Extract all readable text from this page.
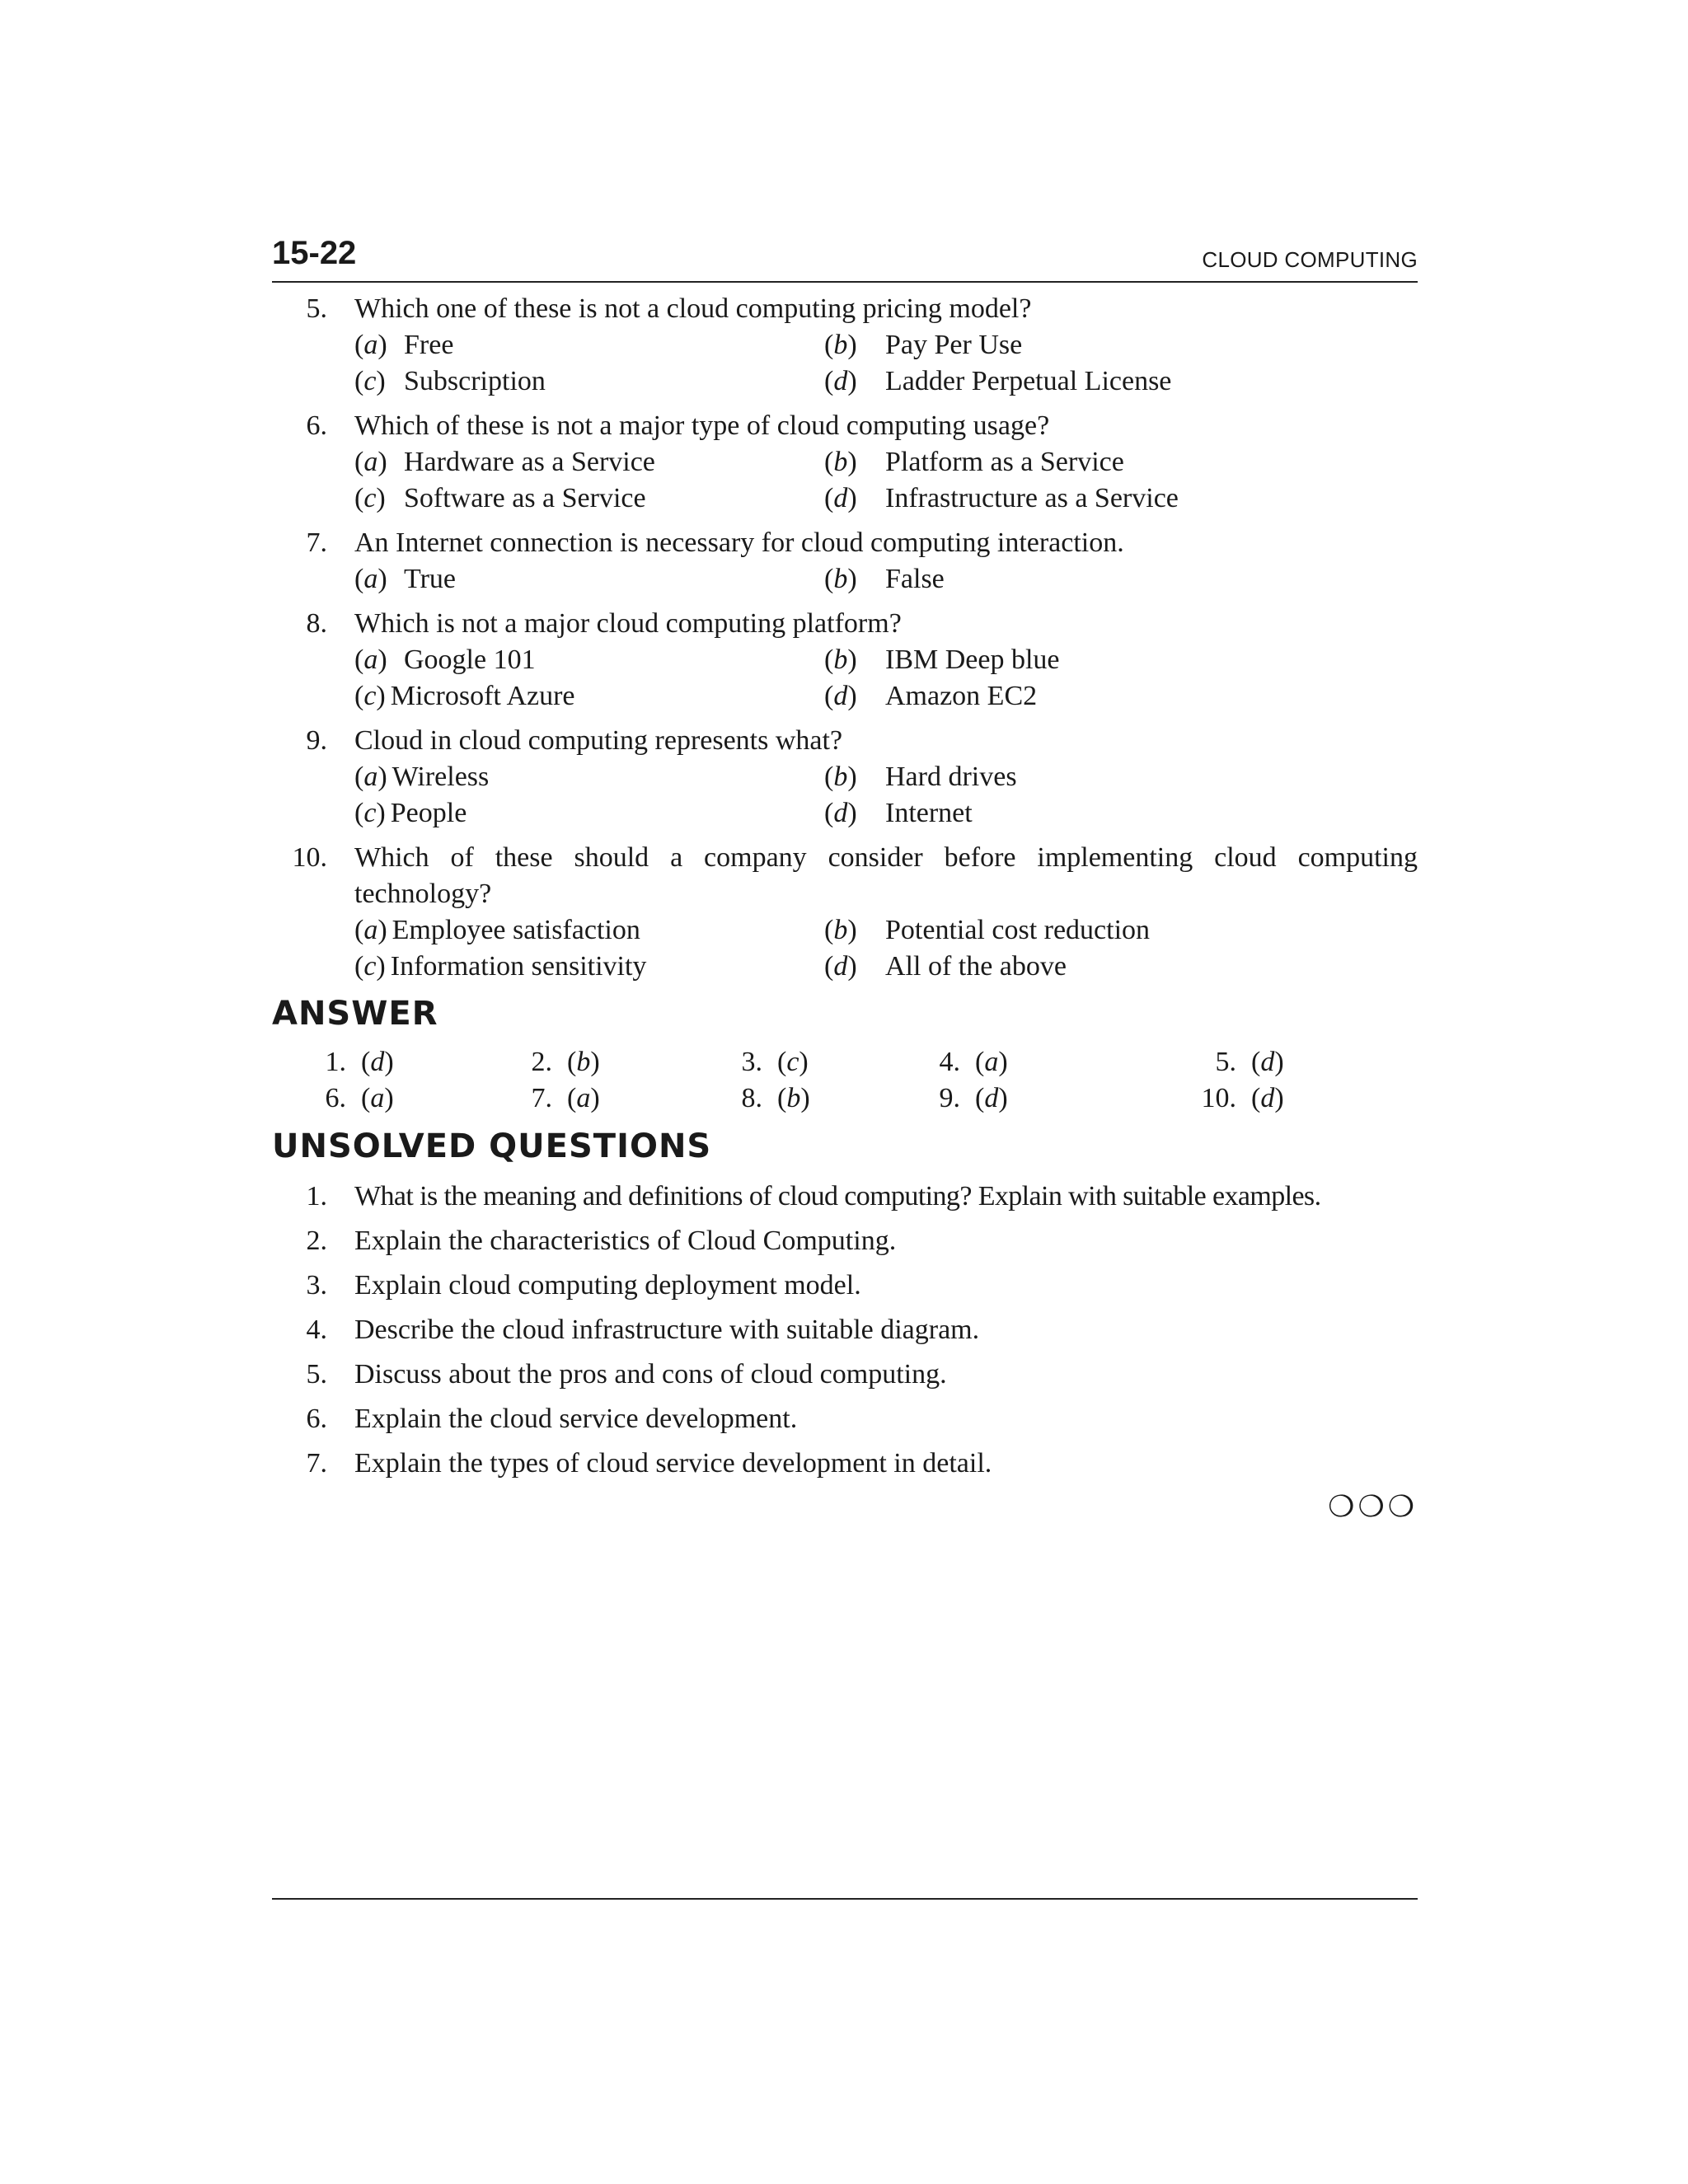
15-22	CLOUD COMPUTING
5. Which one of these is not a cloud computing pricing model?
(a) Free	(b) Pay Per Use
(c) Subscription	(d) Ladder Perpetual License
6. Which of these is not a major type of cloud computing usage?
(a) Hardware as a Service	(b) Platform as a Service
(c) Software as a Service	(d) Infrastructure as a Service
7. An Internet connection is necessary for cloud computing interaction.
(a) True	(b) False
8. Which is not a major cloud computing platform?
(a) Google 101	(b) IBM Deep blue
(c) Microsoft Azure	(d) Amazon EC2
9. Cloud in cloud computing represents what?
(a) Wireless	(b) Hard drives
(c) People	(d) Internet
10. Which of these should a company consider before implementing cloud computing
technology?
(a) Employee satisfaction	(b) Potential cost reduction
(c) Information sensitivity	(d) All of the above
ANSWER
1. (d)	2. (b)	3. (c)	4. (a)	5. (d)
6. (a)	7. (a)	8. (b)	9. (d)	10. (d)
UNSOLVED QUESTIONS
1. What is the meaning and definitions of cloud computing? Explain with suitable examples.
2. Explain the characteristics of Cloud Computing.
3. Explain cloud computing deployment model.
4. Describe the cloud infrastructure with suitable diagram.
5. Discuss about the pros and cons of cloud computing.
6. Explain the cloud service development.
7. Explain the types of cloud service development in detail.
❍❍❍
